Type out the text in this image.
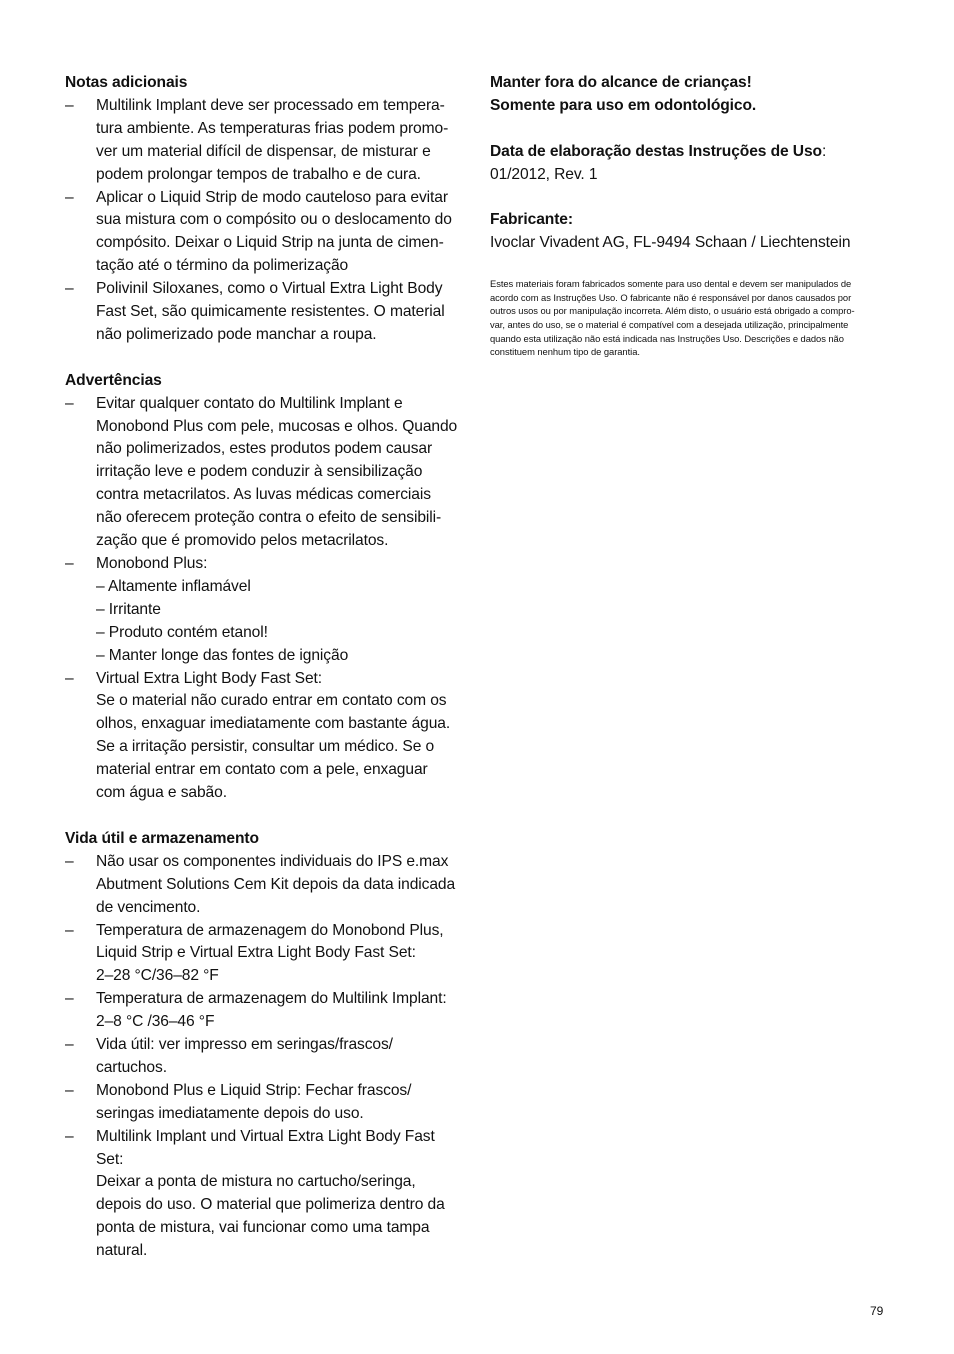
Notas adicionais

– Multilink Implant deve ser processado em tempera-
tura ambiente. As temperaturas frias podem promo-
ver um material difícil de dispensar, de misturar e
podem prolongar tempos de trabalho e de cura.
– Aplicar o Liquid Strip de modo cauteloso para evitar
sua mistura com o compósito ou o deslocamento do
compósito. Deixar o Liquid Strip na junta de cimen-
tação até o término da polimerização
– Polivinil Siloxanes, como o Virtual Extra Light Body
Fast Set, são quimicamente resistentes. O material
não polimerizado pode manchar a roupa.

Advertências

– Evitar qualquer contato do Multilink Implant e
Monobond Plus com pele, mucosas e olhos. Quando
não polimerizados, estes produtos podem causar
irritação leve e podem conduzir à sensibilização
contra metacrilatos. As luvas médicas comerciais
não oferecem proteção contra o efeito de sensibili-
zação que é promovido pelos metacrilatos.
– Monobond Plus:
– Altamente inflamável
– Irritante
– Produto contém etanol!
– Manter longe das fontes de ignição
– Virtual Extra Light Body Fast Set:
Se o material não curado entrar em contato com os
olhos, enxaguar imediatamente com bastante água.
Se a irritação persistir, consultar um médico. Se o
material entrar em contato com a pele, enxaguar
com água e sabão.

Vida útil e armazenamento

– Não usar os componentes individuais do IPS e.max
Abutment Solutions Cem Kit depois da data indicada
de vencimento.
– Temperatura de armazenagem do Monobond Plus,
Liquid Strip e Virtual Extra Light Body Fast Set:
2–28 °C/36–82 °F
– Temperatura de armazenagem do Multilink Implant:
2–8 °C /36–46 °F
– Vida útil: ver impresso em seringas/frascos/
cartuchos.
– Monobond Plus e Liquid Strip: Fechar frascos/
seringas imediatamente depois do uso.
– Multilink Implant und Virtual Extra Light Body Fast
Set:
Deixar a ponta de mistura no cartucho/seringa,
depois do uso. O material que polimeriza dentro da
ponta de mistura, vai funcionar como uma tampa
natural.
Manter fora do alcance de crianças!
Somente para uso em odontológico.
Data de elaboração destas Instruções de Uso:
01/2012, Rev. 1
Fabricante:
Ivoclar Vivadent AG, FL-9494 Schaan / Liechtenstein
Estes materiais foram fabricados somente para uso dental e devem ser manipulados de
acordo com as Instruções Uso. O fabricante não é responsável por danos causados por
outros usos ou por manipulação incorreta. Além disto, o usuário está obrigado a compro-
var, antes do uso, se o material é compatível com a desejada utilização, principalmente
quando esta utilização não está indicada nas Instruções Uso. Descrições e dados não
constituem nenhum tipo de garantia.
79
